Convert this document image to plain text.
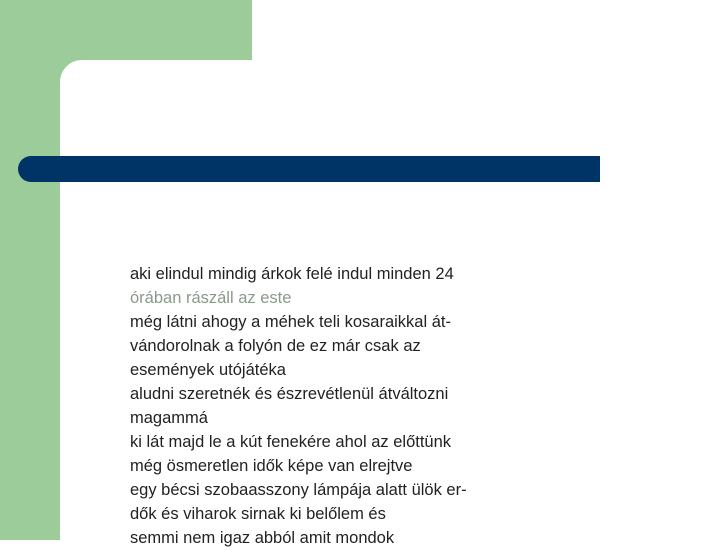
aki elindul mindig árkok felé indul minden 24
órában rászáll az este
még látni ahogy a méhek teli kosaraikkal át-
vándorolnak a folyón de ez már csak az
események utójátéka
aludni szeretnék és észrevétlenül átváltozni
magammá
ki lát majd le a kút fenekére ahol az előttünk
még ösmeretlen idők képe van elrejtve
egy bécsi szobaasszony lámpája alatt ülök er-
dők és viharok sirnak ki belőlem és
semmi nem igaz abból amit mondok
